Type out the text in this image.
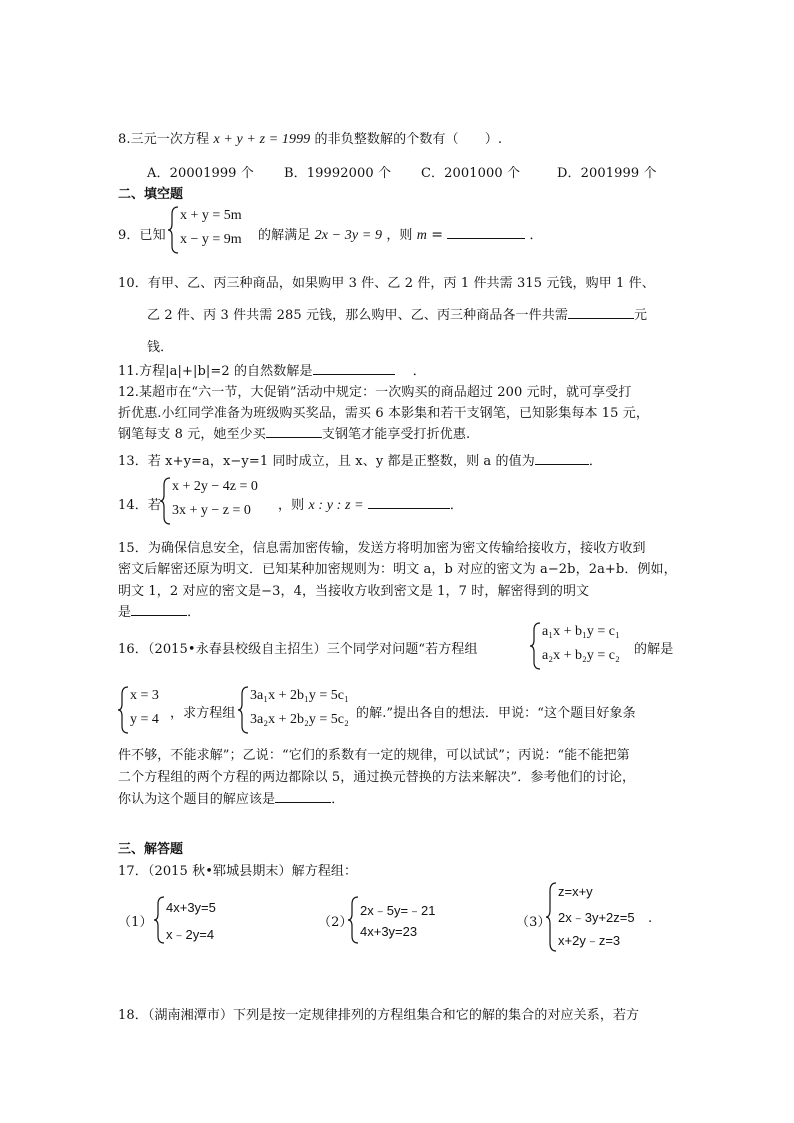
8.三元一次方程 x + y + z = 1999 的非负整数解的个数有（　　）.
A．20001999 个 B．19992000 个 C．2001000 个	D．2001999 个
二、填空题
9．已知
x + y = 5m
x − y = 9m 的解满足 2x − 3y = 9 ，则 m =	．
10．有甲、乙、丙三种商品，如果购甲 3 件、乙 2 件，丙 1 件共需 315 元钱，购甲 1 件、
乙 2 件、丙 3 件共需 285 元钱，那么购甲、乙、丙三种商品各一件共需	元
钱．
11.方程|a|+|b|=2 的自然数解是	．
12.某超市在“六一节，大促销”活动中规定：一次购买的商品超过 200 元时，就可享受打
折优惠.小红同学准备为班级购买奖品，需买 6 本影集和若干支钢笔，已知影集每本 15 元，
钢笔每支 8 元，她至少买	支钢笔才能享受打折优惠.
13．若 x+y=a，x−y=1 同时成立，且 x、y 都是正整数，则 a 的值为	．
14．若
x + 2y − 4z = 0
3x + y − z = 0 ，则 x : y : z =	．
15．为确保信息安全，信息需加密传输，发送方将明加密为密文传输给接收方，接收方收到
密文后解密还原为明文．已知某种加密规则为：明文 a，b 对应的密文为 a−2b，2a+b．例如，
明文 1，2 对应的密文是−3，4，当接收方收到密文是 1，7 时，解密得到的明文
是	．
16．（2015•永春县校级自主招生）三个同学对问题“若方程组
a₁x + b₁y = c₁
a₂x + b₂y = c₂ 的解是
x = 3
y = 4 ，求方程组
3a₁x + 2b₁y = 5c₁
3a₂x + 2b₂y = 5c₂ 的解.”提出各自的想法．甲说：“这个题目好象条
件不够，不能求解”；乙说：“它们的系数有一定的规律，可以试试”；丙说：“能不能把第
二个方程组的两个方程的两边都除以 5，通过换元替换的方法来解决”．参考他们的讨论，
你认为这个题目的解应该是	．
三、解答题
17．（2015 秋•郓城县期末）解方程组：
（1）
4x+3y=5
x﹣2y=4
（2）
2x﹣5y=﹣21
4x+3y=23
（3）
z=x+y
2x﹣3y+2z=5
x+2y﹣z=3
.
18．（湖南湘潭市）下列是按一定规律排列的方程组集合和它的解的集合的对应关系，若方
